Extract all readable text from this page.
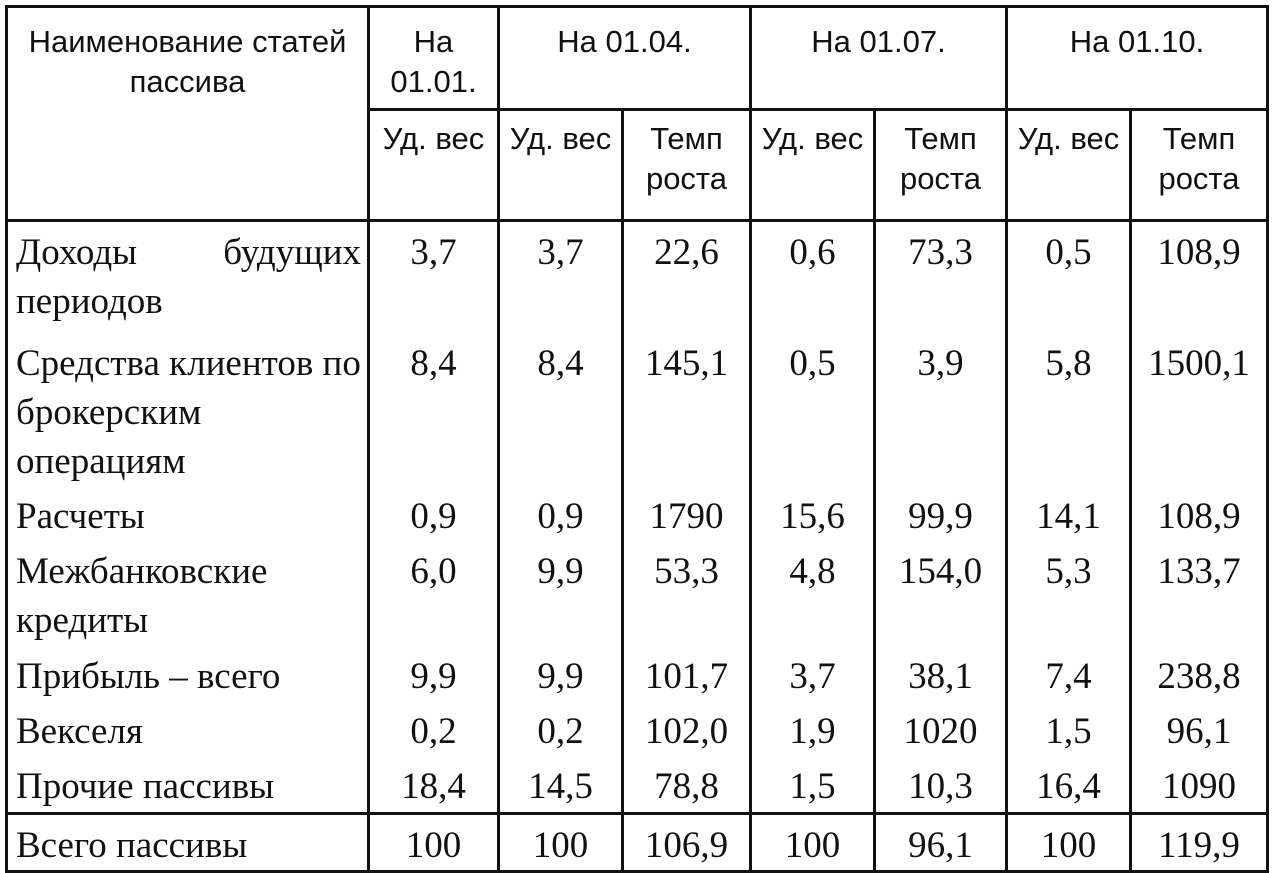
Наименование статей пассива	На 01.01.	На 01.04.		На 01.07.		На 01.10.	
	Уд. вес	Уд. вес	Темп роста	Уд. вес	Темп роста	Уд. вес	Темп роста
Доходы будущих периодов	3,7	3,7	22,6	0,6	73,3	0,5	108,9
Средства клиентов по брокерским операциям	8,4	8,4	145,1	0,5	3,9	5,8	1500,1
Расчеты	0,9	0,9	1790	15,6	99,9	14,1	108,9
Межбанковские кредиты	6,0	9,9	53,3	4,8	154,0	5,3	133,7
Прибыль – всего	9,9	9,9	101,7	3,7	38,1	7,4	238,8
Векселя	0,2	0,2	102,0	1,9	1020	1,5	96,1
Прочие пассивы	18,4	14,5	78,8	1,5	10,3	16,4	1090
Всего пассивы	100	100	106,9	100	96,1	100	119,9
